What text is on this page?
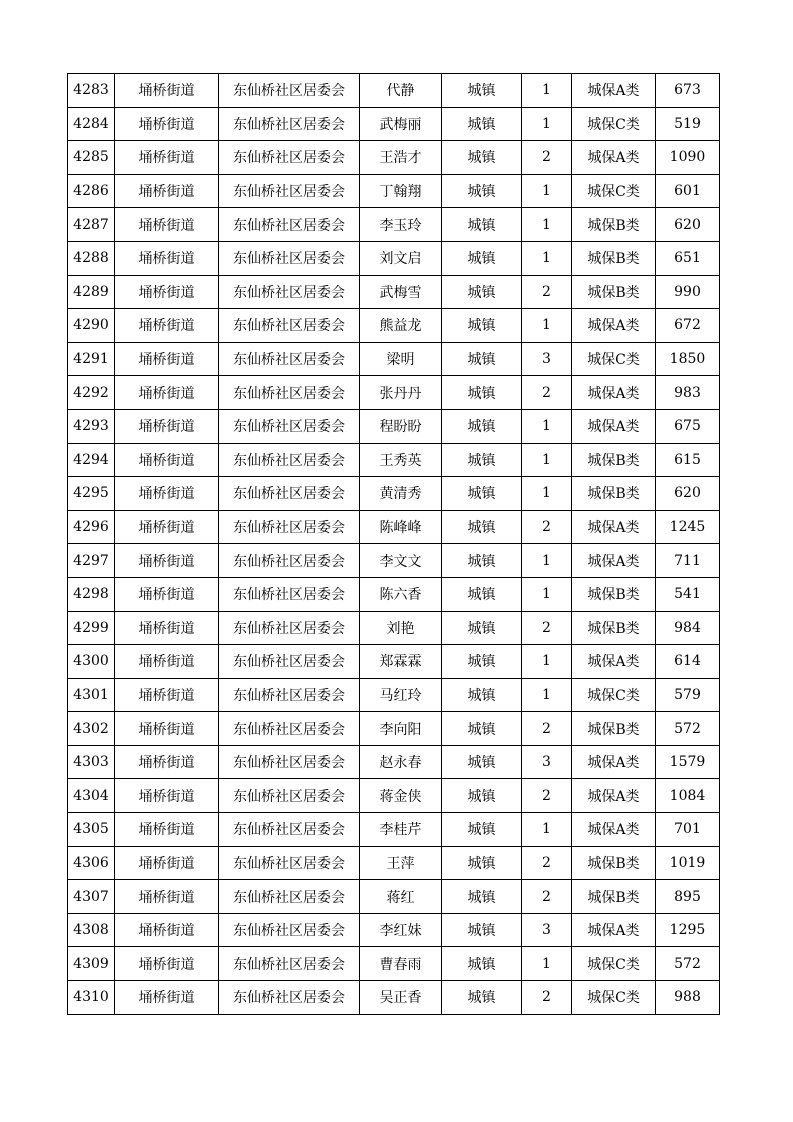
4283	埇桥街道	东仙桥社区居委会	代静	城镇	1	城保A类	673
4284	埇桥街道	东仙桥社区居委会	武梅丽	城镇	1	城保C类	519
4285	埇桥街道	东仙桥社区居委会	王浩才	城镇	2	城保A类	1090
4286	埇桥街道	东仙桥社区居委会	丁翰翔	城镇	1	城保C类	601
4287	埇桥街道	东仙桥社区居委会	李玉玲	城镇	1	城保B类	620
4288	埇桥街道	东仙桥社区居委会	刘文启	城镇	1	城保B类	651
4289	埇桥街道	东仙桥社区居委会	武梅雪	城镇	2	城保B类	990
4290	埇桥街道	东仙桥社区居委会	熊益龙	城镇	1	城保A类	672
4291	埇桥街道	东仙桥社区居委会	梁明	城镇	3	城保C类	1850
4292	埇桥街道	东仙桥社区居委会	张丹丹	城镇	2	城保A类	983
4293	埇桥街道	东仙桥社区居委会	程盼盼	城镇	1	城保A类	675
4294	埇桥街道	东仙桥社区居委会	王秀英	城镇	1	城保B类	615
4295	埇桥街道	东仙桥社区居委会	黄清秀	城镇	1	城保B类	620
4296	埇桥街道	东仙桥社区居委会	陈峰峰	城镇	2	城保A类	1245
4297	埇桥街道	东仙桥社区居委会	李文文	城镇	1	城保A类	711
4298	埇桥街道	东仙桥社区居委会	陈六香	城镇	1	城保B类	541
4299	埇桥街道	东仙桥社区居委会	刘艳	城镇	2	城保B类	984
4300	埇桥街道	东仙桥社区居委会	郑霖霖	城镇	1	城保A类	614
4301	埇桥街道	东仙桥社区居委会	马红玲	城镇	1	城保C类	579
4302	埇桥街道	东仙桥社区居委会	李向阳	城镇	2	城保B类	572
4303	埇桥街道	东仙桥社区居委会	赵永春	城镇	3	城保A类	1579
4304	埇桥街道	东仙桥社区居委会	蒋金侠	城镇	2	城保A类	1084
4305	埇桥街道	东仙桥社区居委会	李桂芹	城镇	1	城保A类	701
4306	埇桥街道	东仙桥社区居委会	王萍	城镇	2	城保B类	1019
4307	埇桥街道	东仙桥社区居委会	蒋红	城镇	2	城保B类	895
4308	埇桥街道	东仙桥社区居委会	李红妹	城镇	3	城保A类	1295
4309	埇桥街道	东仙桥社区居委会	曹春雨	城镇	1	城保C类	572
4310	埇桥街道	东仙桥社区居委会	吴正香	城镇	2	城保C类	988
